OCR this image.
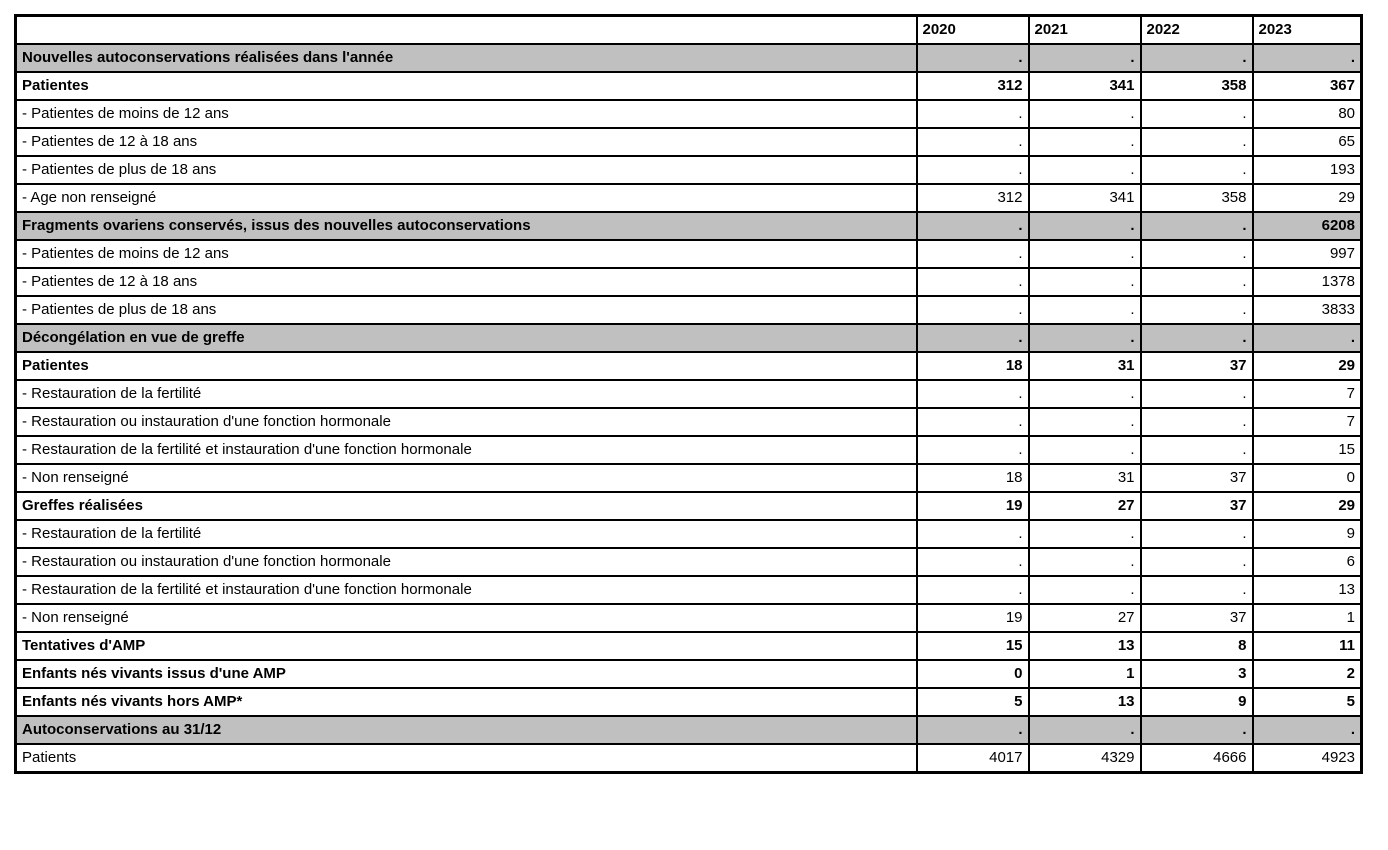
	2020	2021	2022	2023
Nouvelles autoconservations réalisées dans l'année	.	.	.	.
Patientes	312	341	358	367
- Patientes de moins de 12 ans	.	.	.	80
- Patientes de 12 à 18 ans	.	.	.	65
- Patientes de plus de 18 ans	.	.	.	193
- Age non renseigné	312	341	358	29
Fragments ovariens conservés, issus des nouvelles autoconservations	.	.	.	6208
- Patientes de moins de 12 ans	.	.	.	997
- Patientes de 12 à 18 ans	.	.	.	1378
- Patientes de plus de 18 ans	.	.	.	3833
Décongélation en vue de greffe	.	.	.	.
Patientes	18	31	37	29
- Restauration de la fertilité	.	.	.	7
- Restauration ou instauration d'une fonction hormonale	.	.	.	7
- Restauration de la fertilité et instauration d'une fonction hormonale	.	.	.	15
- Non renseigné	18	31	37	0
Greffes réalisées	19	27	37	29
- Restauration de la fertilité	.	.	.	9
- Restauration ou instauration d'une fonction hormonale	.	.	.	6
- Restauration de la fertilité et instauration d'une fonction hormonale	.	.	.	13
- Non renseigné	19	27	37	1
Tentatives d'AMP	15	13	8	11
Enfants nés vivants issus d'une AMP	0	1	3	2
Enfants nés vivants hors AMP*	5	13	9	5
Autoconservations au 31/12	.	.	.	.
Patients	4017	4329	4666	4923
